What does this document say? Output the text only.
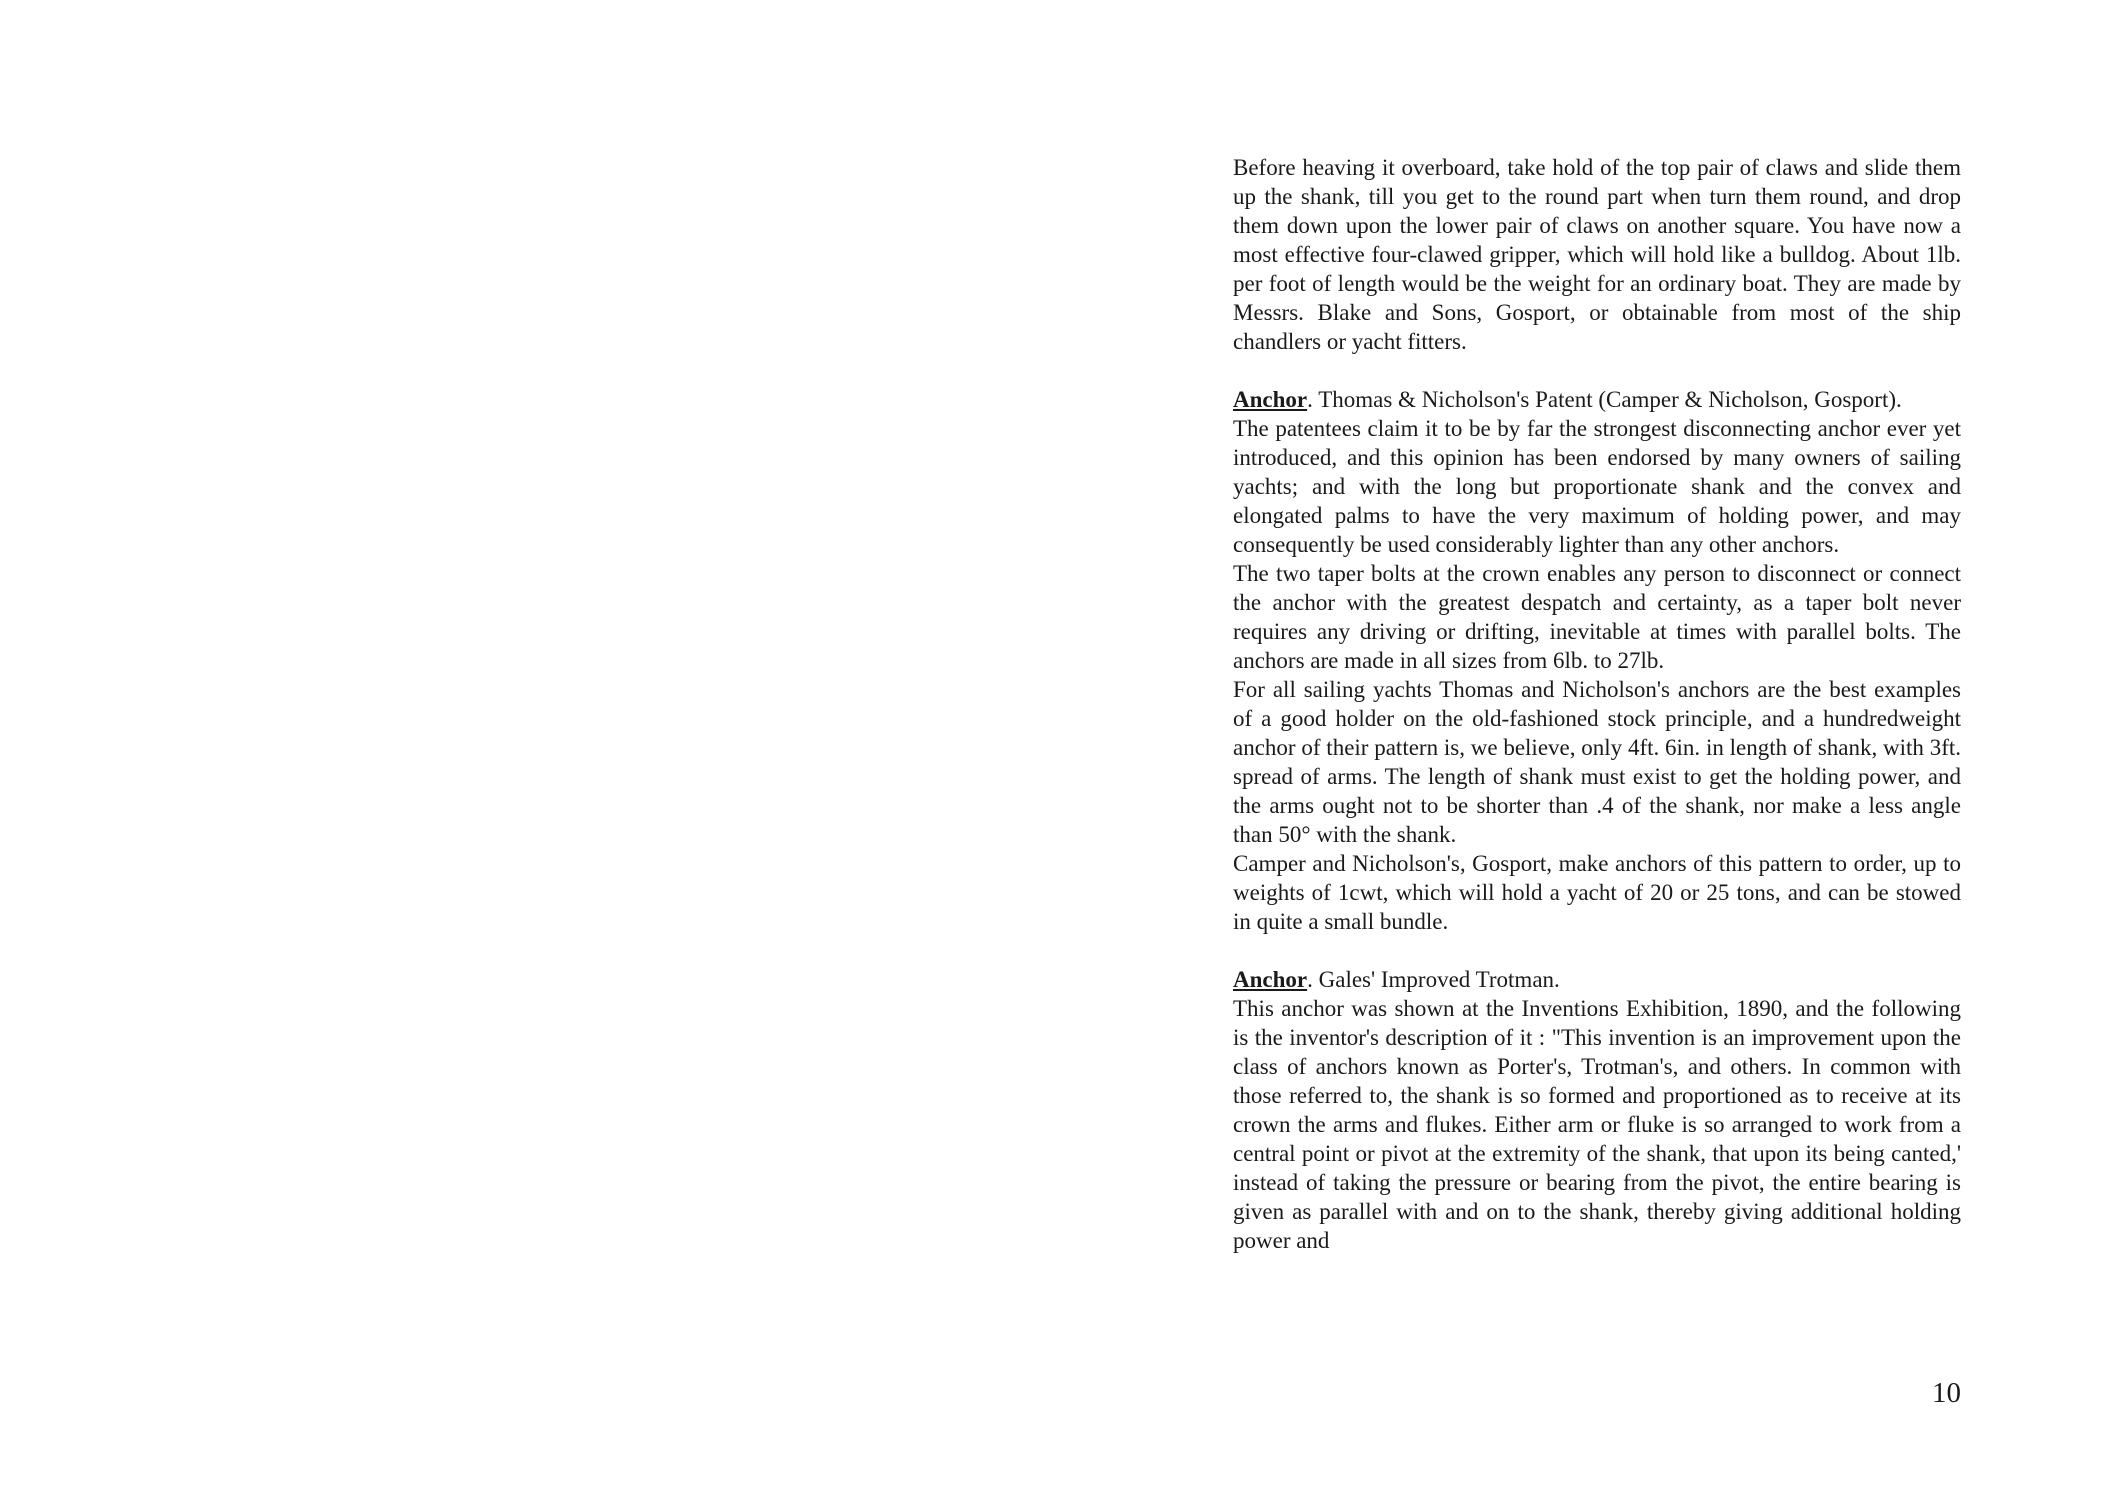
Before heaving it overboard, take hold of the top pair of claws and slide them up the shank, till you get to the round part when turn them round, and drop them down upon the lower pair of claws on another square. You have now a most effective four-clawed gripper, which will hold like a bulldog. About 1lb. per foot of length would be the weight for an ordinary boat. They are made by Messrs. Blake and Sons, Gosport, or obtainable from most of the ship chandlers or yacht fitters.

Anchor. Thomas & Nicholson's Patent (Camper & Nicholson, Gosport).

The patentees claim it to be by far the strongest disconnecting anchor ever yet introduced, and this opinion has been endorsed by many owners of sailing yachts; and with the long but proportionate shank and the convex and elongated palms to have the very maximum of holding power, and may consequently be used considerably lighter than any other anchors.

The two taper bolts at the crown enables any person to disconnect or connect the anchor with the greatest despatch and certainty, as a taper bolt never requires any driving or drifting, inevitable at times with parallel bolts. The anchors are made in all sizes from 6lb. to 27lb.

For all sailing yachts Thomas and Nicholson's anchors are the best examples of a good holder on the old-fashioned stock principle, and a hundredweight anchor of their pattern is, we believe, only 4ft. 6in. in length of shank, with 3ft. spread of arms. The length of shank must exist to get the holding power, and the arms ought not to be shorter than .4 of the shank, nor make a less angle than 50° with the shank.

Camper and Nicholson's, Gosport, make anchors of this pattern to order, up to weights of 1cwt, which will hold a yacht of 20 or 25 tons, and can be stowed in quite a small bundle.

Anchor. Gales' Improved Trotman.

This anchor was shown at the Inventions Exhibition, 1890, and the following is the inventor's description of it : "This invention is an improvement upon the class of anchors known as Porter's, Trotman's, and others. In common with those referred to, the shank is so formed and proportioned as to receive at its crown the arms and flukes. Either arm or fluke is so arranged to work from a central point or pivot at the extremity of the shank, that upon its being canted,' instead of taking the pressure or bearing from the pivot, the entire bearing is given as parallel with and on to the shank, thereby giving additional holding power and

10
